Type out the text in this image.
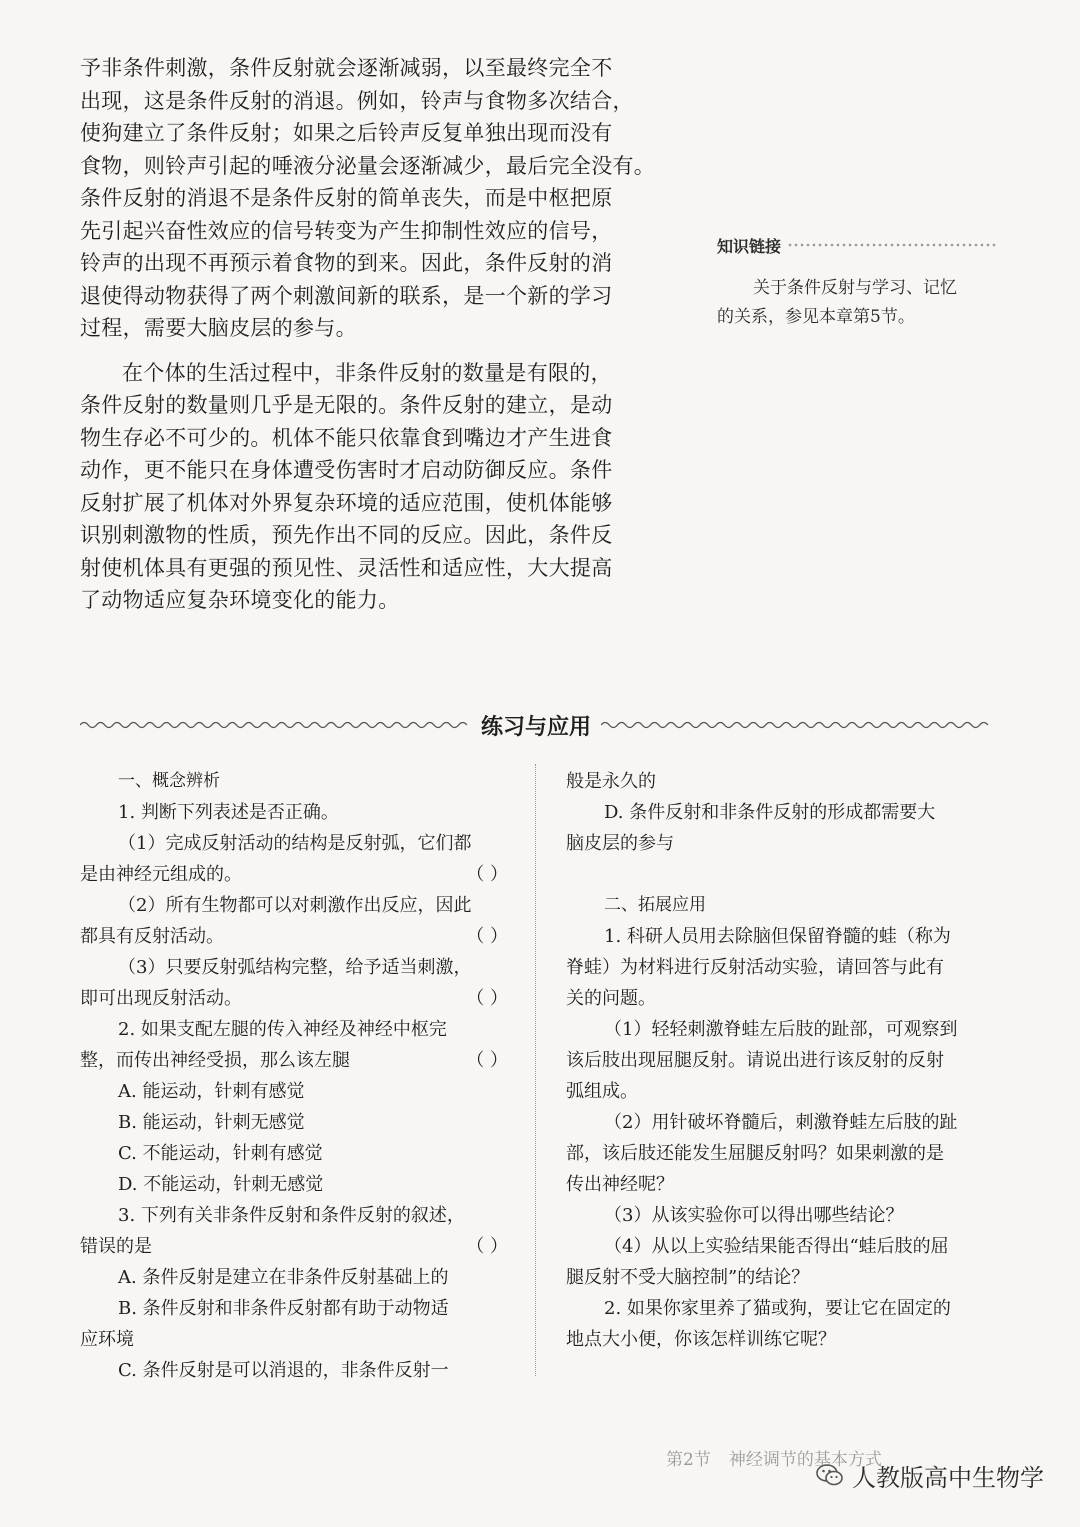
予非条件刺激，条件反射就会逐渐减弱，以至最终完全不
出现，这是条件反射的消退。例如，铃声与食物多次结合，
使狗建立了条件反射；如果之后铃声反复单独出现而没有
食物，则铃声引起的唾液分泌量会逐渐减少，最后完全没有。
条件反射的消退不是条件反射的简单丧失，而是中枢把原
先引起兴奋性效应的信号转变为产生抑制性效应的信号，
铃声的出现不再预示着食物的到来。因此，条件反射的消
退使得动物获得了两个刺激间新的联系，是一个新的学习
过程，需要大脑皮层的参与。
在个体的生活过程中，非条件反射的数量是有限的，
条件反射的数量则几乎是无限的。条件反射的建立，是动
物生存必不可少的。机体不能只依靠食到嘴边才产生进食
动作，更不能只在身体遭受伤害时才启动防御反应。条件
反射扩展了机体对外界复杂环境的适应范围，使机体能够
识别刺激物的性质，预先作出不同的反应。因此，条件反
射使机体具有更强的预见性、灵活性和适应性，大大提高
了动物适应复杂环境变化的能力。
知识链接
关于条件反射与学习、记忆
的关系，参见本章第5节。
练习与应用
一、概念辨析
1. 判断下列表述是否正确。
（1）完成反射活动的结构是反射弧，它们都
是由神经元组成的。	（ ）
（2）所有生物都可以对刺激作出反应，因此
都具有反射活动。	（ ）
（3）只要反射弧结构完整，给予适当刺激，
即可出现反射活动。	（ ）
2. 如果支配左腿的传入神经及神经中枢完
整，而传出神经受损，那么该左腿	（ ）
A. 能运动，针刺有感觉
B. 能运动，针刺无感觉
C. 不能运动，针刺有感觉
D. 不能运动，针刺无感觉
3. 下列有关非条件反射和条件反射的叙述，
错误的是	（ ）
A. 条件反射是建立在非条件反射基础上的
B. 条件反射和非条件反射都有助于动物适
应环境
C. 条件反射是可以消退的，非条件反射一
般是永久的
D. 条件反射和非条件反射的形成都需要大
脑皮层的参与
二、拓展应用
1. 科研人员用去除脑但保留脊髓的蛙（称为
脊蛙）为材料进行反射活动实验，请回答与此有
关的问题。
（1）轻轻刺激脊蛙左后肢的趾部，可观察到
该后肢出现屈腿反射。请说出进行该反射的反射
弧组成。
（2）用针破坏脊髓后，刺激脊蛙左后肢的趾
部，该后肢还能发生屈腿反射吗？如果刺激的是
传出神经呢？
（3）从该实验你可以得出哪些结论？
（4）从以上实验结果能否得出“蛙后肢的屈
腿反射不受大脑控制”的结论？
2. 如果你家里养了猫或狗，要让它在固定的
地点大小便，你该怎样训练它呢？
第2节 神经调节的基本方式
人教版高中生物学
